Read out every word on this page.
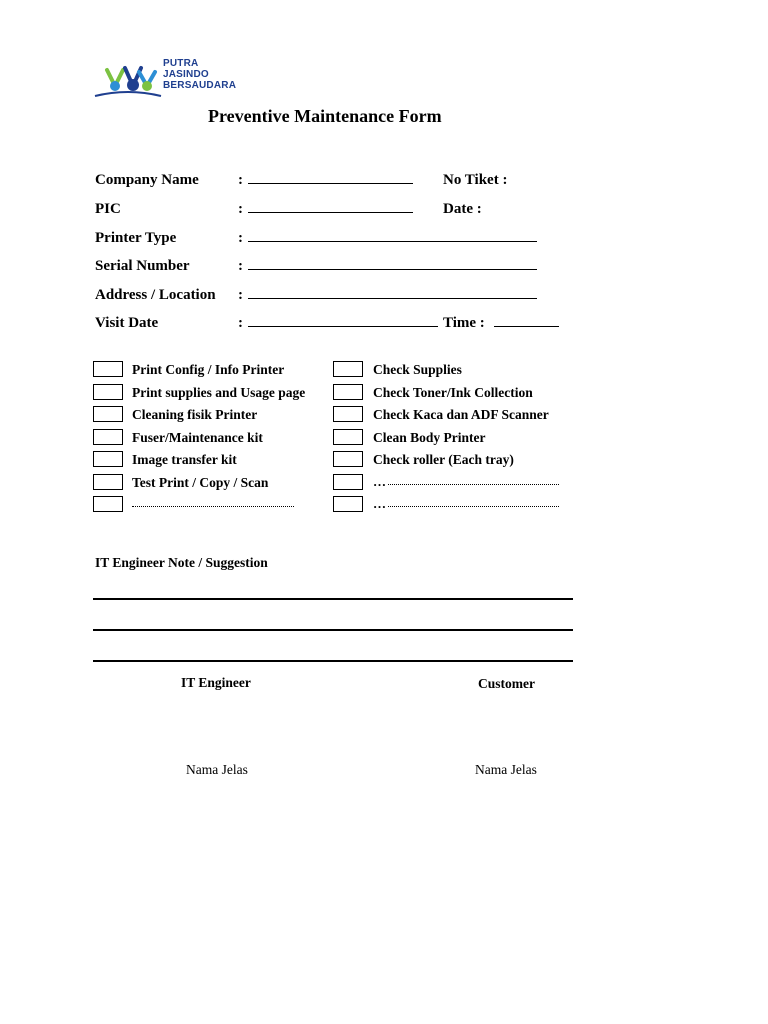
PUTRA
JASINDO
BERSAUDARA
Preventive Maintenance Form
Company Name	:	No Tiket :
PIC	:	Date :
Printer Type	:
Serial Number	:
Address / Location :
Visit Date	:	Time :
Print Config / Info Printer
Print supplies and Usage page
Cleaning fisik Printer
Fuser/Maintenance kit
Image transfer kit
Test Print / Copy / Scan
Check Supplies
Check Toner/Ink Collection
Check Kaca dan ADF Scanner
Clean Body Printer
Check roller (Each tray)
…
…
IT Engineer Note / Suggestion
IT Engineer	Customer
Nama Jelas	Nama Jelas
